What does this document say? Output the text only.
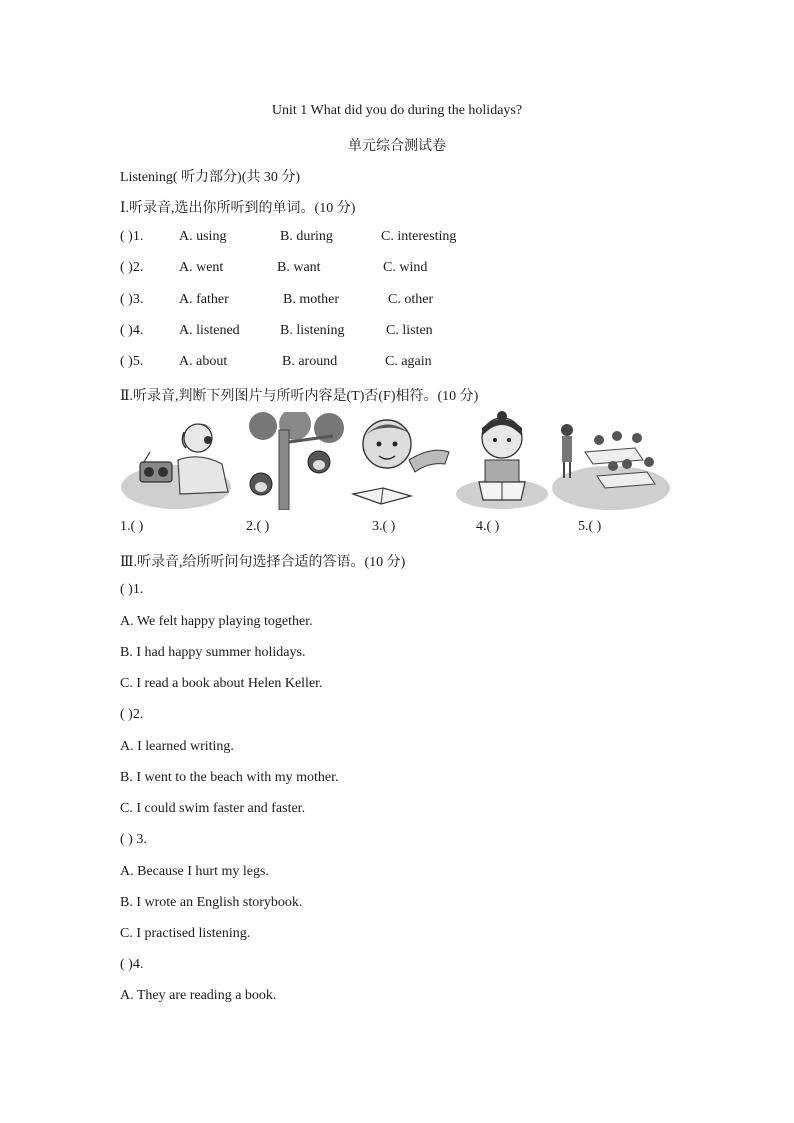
Unit 1 What did you do during the holidays?
单元综合测试卷
Listening( 听力部分)(共 30 分)
Ⅰ.听录音,选出你所听到的单词。(10 分)
( )1.	A. using	B. during	C. interesting
( )2.	A. went	B. want	C. wind
( )3.	A. father	B. mother	C. other
( )4.	A. listened	B. listening	C. listen
( )5.	A. about	B. around	C. again
Ⅱ.听录音,判断下列图片与所听内容是(T)否(F)相符。(10 分)
1.( )	2.( )	3.( )	4.( )	5.( )
Ⅲ.听录音,给所听问句选择合适的答语。(10 分)
( )1.
A. We felt happy playing together.
B. I had happy summer holidays.
C. I read a book about Helen Keller.
( )2.
A. I learned writing.
B. I went to the beach with my mother.
C. I could swim faster and faster.
( ) 3.
A. Because I hurt my legs.
B. I wrote an English storybook.
C. I practised listening.
( )4.
A. They are reading a book.
